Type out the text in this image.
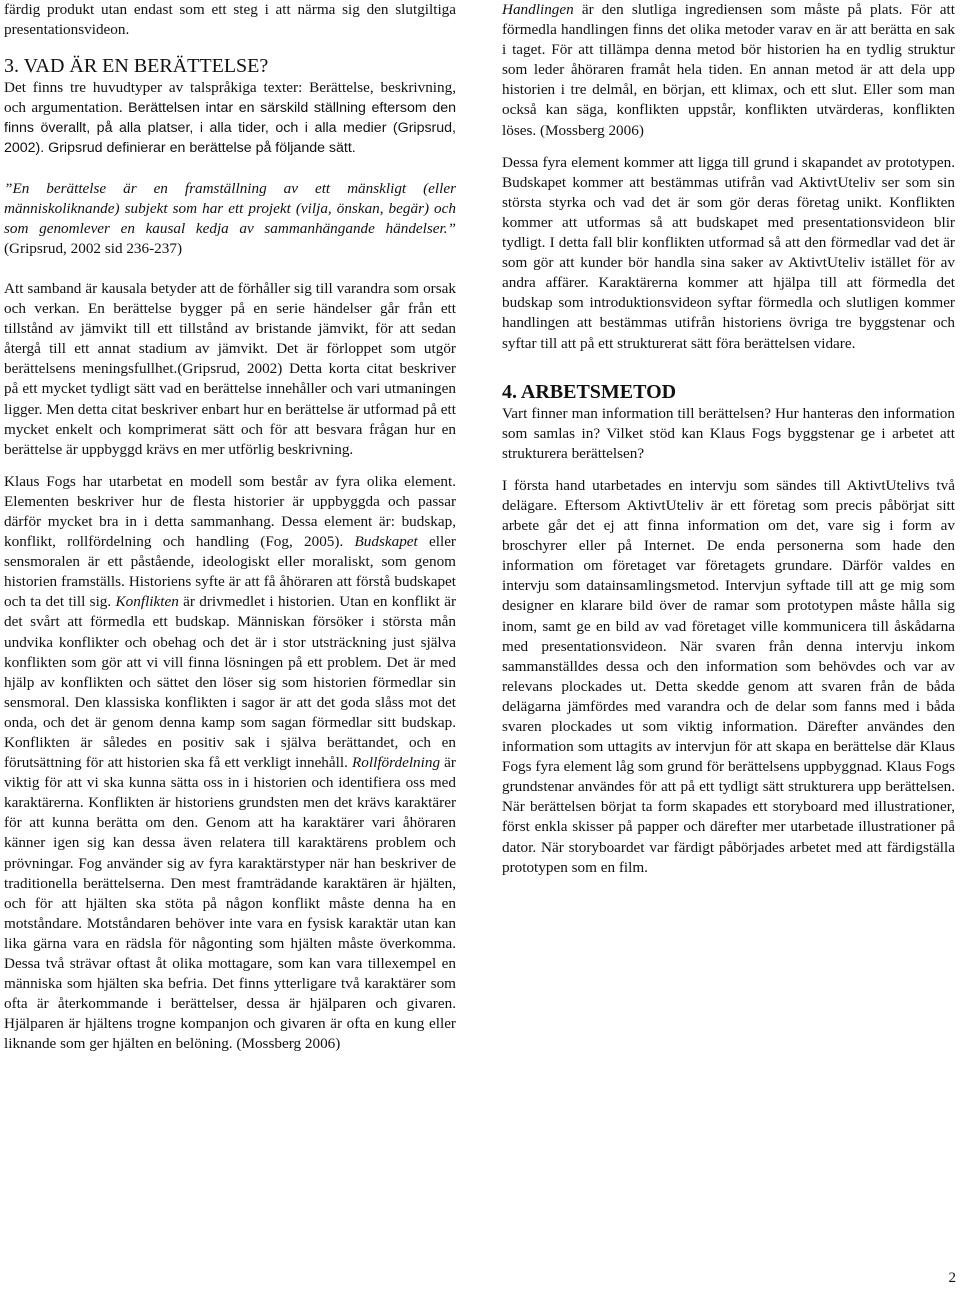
färdig produkt utan endast som ett steg i att närma sig den slutgiltiga presentationsvideon.

3. VAD ÄR EN BERÄTTELSE?

Det finns tre huvudtyper av talspråkiga texter: Berättelse, beskrivning, och argumentation. Berättelsen intar en särskild ställning eftersom den finns överallt, på alla platser, i alla tider, och i alla medier (Gripsrud, 2002). Gripsrud definierar en berättelse på följande sätt.

”En berättelse är en framställning av ett mänskligt (eller människoliknande) subjekt som har ett projekt (vilja, önskan, begär) och som genomlever en kausal kedja av sammanhängande händelser.” (Gripsrud, 2002 sid 236-237)

Att samband är kausala betyder att de förhåller sig till varandra som orsak och verkan. En berättelse bygger på en serie händelser går från ett tillstånd av jämvikt till ett tillstånd av bristande jämvikt, för att sedan återgå till ett annat stadium av jämvikt. Det är förloppet som utgör berättelsens meningsfullhet.(Gripsrud, 2002) Detta korta citat beskriver på ett mycket tydligt sätt vad en berättelse innehåller och vari utmaningen ligger. Men detta citat beskriver enbart hur en berättelse är utformad på ett mycket enkelt och komprimerat sätt och för att besvara frågan hur en berättelse är uppbyggd krävs en mer utförlig beskrivning.

Klaus Fogs har utarbetat en modell som består av fyra olika element. Elementen beskriver hur de flesta historier är uppbyggda och passar därför mycket bra in i detta sammanhang. Dessa element är: budskap, konflikt, rollfördelning och handling (Fog, 2005). Budskapet eller sensmoralen är ett påstående, ideologiskt eller moraliskt, som genom historien framställs. Historiens syfte är att få åhöraren att förstå budskapet och ta det till sig. Konflikten är drivmedlet i historien. Utan en konflikt är det svårt att förmedla ett budskap. Människan försöker i största mån undvika konflikter och obehag och det är i stor utsträckning just själva konflikten som gör att vi vill finna lösningen på ett problem. Det är med hjälp av konflikten och sättet den löser sig som historien förmedlar sin sensmoral. Den klassiska konflikten i sagor är att det goda slåss mot det onda, och det är genom denna kamp som sagan förmedlar sitt budskap. Konflikten är således en positiv sak i själva berättandet, och en förutsättning för att historien ska få ett verkligt innehåll. Rollfördelning är viktig för att vi ska kunna sätta oss in i historien och identifiera oss med karaktärerna. Konflikten är historiens grundsten men det krävs karaktärer för att kunna berätta om den. Genom att ha karaktärer vari åhöraren känner igen sig kan dessa även relatera till karaktärens problem och prövningar. Fog använder sig av fyra karaktärstyper när han beskriver de traditionella berättelserna. Den mest framträdande karaktären är hjälten, och för att hjälten ska stöta på någon konflikt måste denna ha en motståndare. Motståndaren behöver inte vara en fysisk karaktär utan kan lika gärna vara en rädsla för någonting som hjälten måste överkomma. Dessa två strävar oftast åt olika mottagare, som kan vara tillexempel en människa som hjälten ska befria. Det finns ytterligare två karaktärer som ofta är återkommande i berättelser, dessa är hjälparen och givaren. Hjälparen är hjältens trogne kompanjon och givaren är ofta en kung eller liknande som ger hjälten en belöning. (Mossberg 2006)

Handlingen är den slutliga ingrediensen som måste på plats. För att förmedla handlingen finns det olika metoder varav en är att berätta en sak i taget. För att tillämpa denna metod bör historien ha en tydlig struktur som leder åhöraren framåt hela tiden. En annan metod är att dela upp historien i tre delmål, en början, ett klimax, och ett slut. Eller som man också kan säga, konflikten uppstår, konflikten utvärderas, konflikten löses. (Mossberg 2006)

Dessa fyra element kommer att ligga till grund i skapandet av prototypen. Budskapet kommer att bestämmas utifrån vad AktivtUteliv ser som sin största styrka och vad det är som gör deras företag unikt. Konflikten kommer att utformas så att budskapet med presentationsvideon blir tydligt. I detta fall blir konflikten utformad så att den förmedlar vad det är som gör att kunder bör handla sina saker av AktivtUteliv istället för av andra affärer. Karaktärerna kommer att hjälpa till att förmedla det budskap som introduktionsvideon syftar förmedla och slutligen kommer handlingen att bestämmas utifrån historiens övriga tre byggstenar och syftar till att på ett strukturerat sätt föra berättelsen vidare.

4. ARBETSMETOD

Vart finner man information till berättelsen? Hur hanteras den information som samlas in? Vilket stöd kan Klaus Fogs byggstenar ge i arbetet att strukturera berättelsen?

I första hand utarbetades en intervju som sändes till AktivtUtelivs två delägare. Eftersom AktivtUteliv är ett företag som precis påbörjat sitt arbete går det ej att finna information om det, vare sig i form av broschyrer eller på Internet. De enda personerna som hade den information om företaget var företagets grundare. Därför valdes en intervju som datainsamlingsmetod. Intervjun syftade till att ge mig som designer en klarare bild över de ramar som prototypen måste hålla sig inom, samt ge en bild av vad företaget ville kommunicera till åskådarna med presentationsvideon. När svaren från denna intervju inkom sammanställdes dessa och den information som behövdes och var av relevans plockades ut. Detta skedde genom att svaren från de båda delägarna jämfördes med varandra och de delar som fanns med i båda svaren plockades ut som viktig information. Därefter användes den information som uttagits av intervjun för att skapa en berättelse där Klaus Fogs fyra element låg som grund för berättelsens uppbyggnad. Klaus Fogs grundstenar användes för att på ett tydligt sätt strukturera upp berättelsen. När berättelsen börjat ta form skapades ett storyboard med illustrationer, först enkla skisser på papper och därefter mer utarbetade illustrationer på dator. När storyboardet var färdigt påbörjades arbetet med att färdigställa prototypen som en film.

2
